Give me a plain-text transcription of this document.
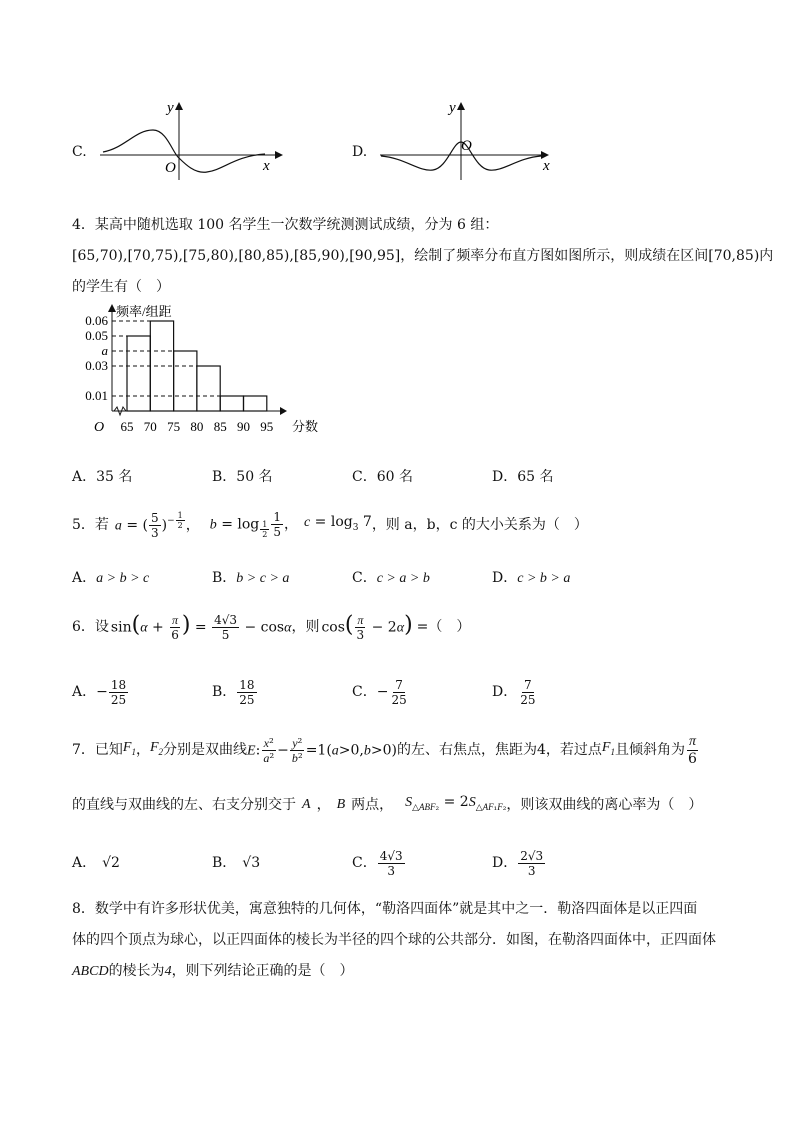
C.
y
O	x
D.
y
O
x
4．某高中随机选取 100 名学生一次数学统测测试成绩，分为 6 组：
[65,70),[70,75),[75,80),[80,85),[85,90),[90,95]，绘制了频率分布直方图如图所示，则成绩在区间[70,85)内
的学生有（　）
0.06
0.05
a
0.03
0.01
65 70 75 80 85 90 95
O
频率/组距
分数
A．35 名	B．50 名	C．60 名	D．65 名
5．若 a = ( $\frac{5}{3} )^{- \frac{1}{2}}$ ， $b = \log _{\frac{1}{2}} \frac{1}{5}$ ， $c = \log_3 7$ ，则 a，b，c 的大小关系为（　）
A．a > b > c	B．b > c > a	C．c > a > b	D．c > b > a
6．设 $\sin(\alpha + \frac{\pi}{6}$ ) = $\frac{4√3}{5} - \cos\alpha$ ，则 $\cos( \frac{\pi}{3} - 2\alpha)$ =（　）
A． − $\frac{18}{25}$	B． $\frac{18}{25}$	C． − $\frac{7}{25}$	D． $\frac{7}{25}$
7．已知 $F_1$ ， $F_2$ 分别是双曲线 E: $\frac{\text{x²}}{\text{a²}} - \frac{\text{y²}}{\text{b²}} =1(a>0,b>0)$ 的左、右焦点，焦距为4，若过点 $F_1$ 且倾斜角为 $\frac{\pi}{6}$
的直线与双曲线的左、右支分别交于 A ， B 两点， $S_{\triangle ABF_2} = 2S_{\triangle AF_1F_2}$ ，则该双曲线的离心率为（　）
A． √2	B． √3	C． $\frac{4√3}{3}$	D． $\frac{2√3}{3}$
8．数学中有许多形状优美，寓意独特的几何体，“勒洛四面体”就是其中之一．勒洛四面体是以正四面
体的四个顶点为球心，以正四面体的棱长为半径的四个球的公共部分．如图，在勒洛四面体中，正四面体
ABCD的棱长为4，则下列结论正确的是（　）
